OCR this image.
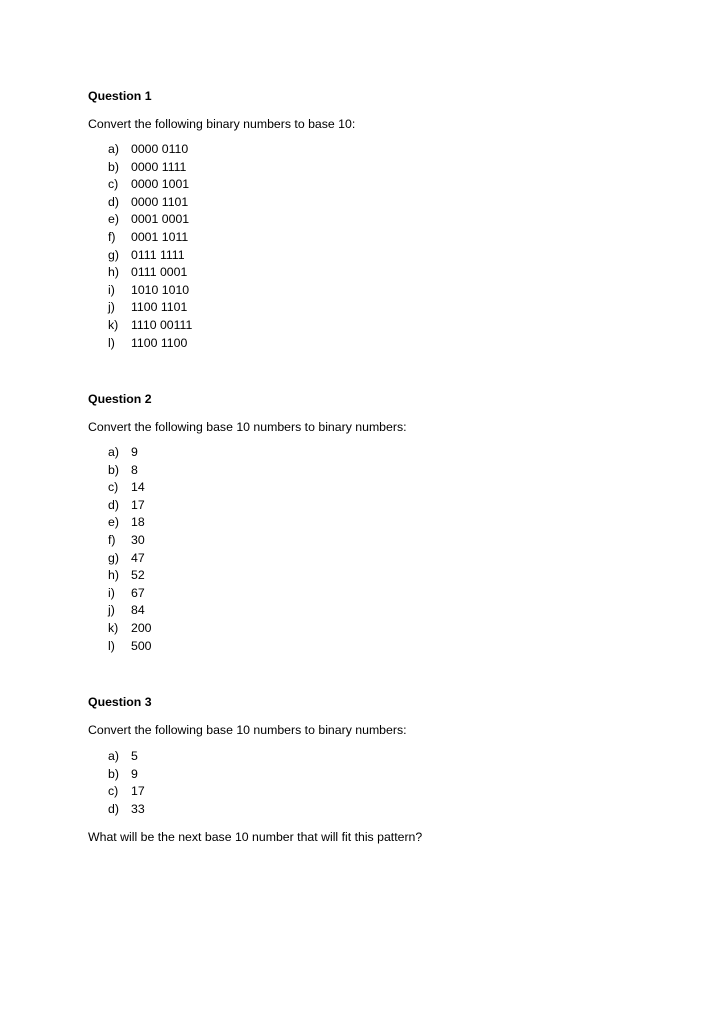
Question 1
Convert the following binary numbers to base 10:
a) 0000 0110
b) 0000 1111
c) 0000 1001
d) 0000 1101
e) 0001 0001
f) 0001 1011
g) 0111 1111
h) 0111 0001
i) 1010 1010
j) 1100 1101
k) 1110 00111
l) 1100 1100
Question 2
Convert the following base 10 numbers to binary numbers:
a) 9
b) 8
c) 14
d) 17
e) 18
f) 30
g) 47
h) 52
i) 67
j) 84
k) 200
l) 500
Question 3
Convert the following base 10 numbers to binary numbers:
a) 5
b) 9
c) 17
d) 33
What will be the next base 10 number that will fit this pattern?
